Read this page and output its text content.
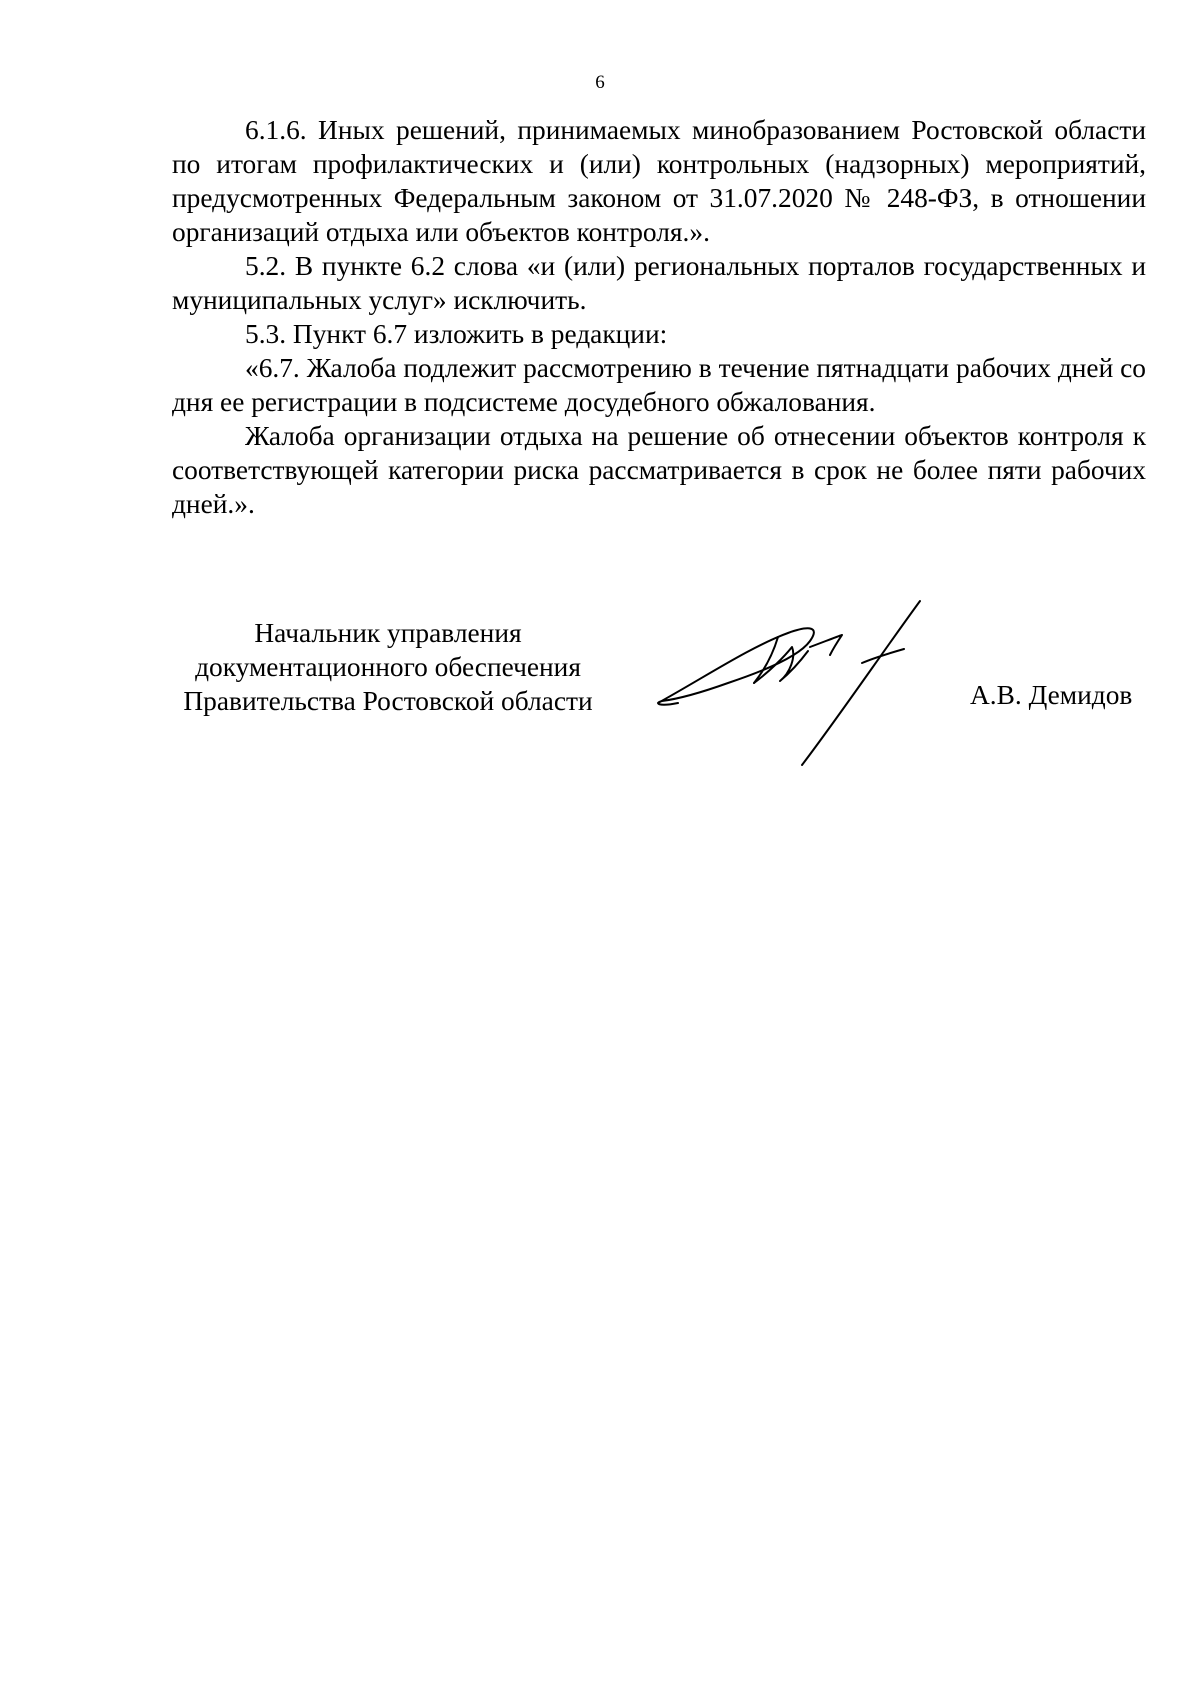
6

6.1.6. Иных решений, принимаемых минобразованием Ростовской области по итогам профилактических и (или) контрольных (надзорных) мероприятий, предусмотренных Федеральным законом от 31.07.2020 № 248-ФЗ, в отношении организаций отдыха или объектов контроля.».

5.2. В пункте 6.2 слова «и (или) региональных порталов государственных и муниципальных услуг» исключить.

5.3. Пункт 6.7 изложить в редакции:

«6.7. Жалоба подлежит рассмотрению в течение пятнадцати рабочих дней со дня ее регистрации в подсистеме досудебного обжалования.

Жалоба организации отдыха на решение об отнесении объектов контроля к соответствующей категории риска рассматривается в срок не более пяти рабочих дней.».

Начальник управления
документационного обеспечения
Правительства Ростовской области	А.В. Демидов
